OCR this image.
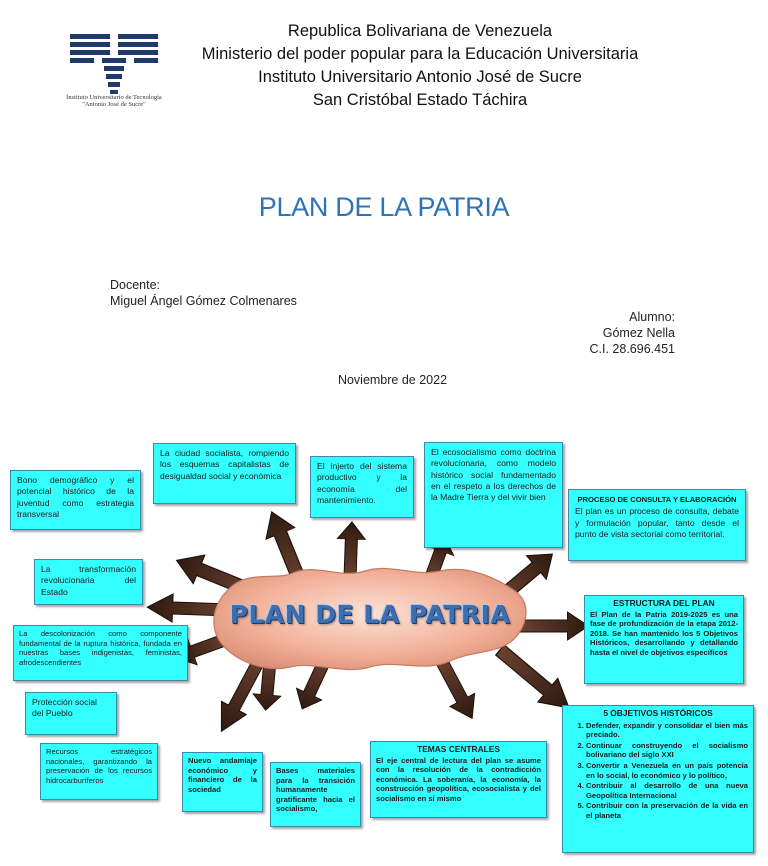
Instituto Universitario de Tecnología
"Antonio José de Sucre"
Republica Bolivariana de Venezuela
Ministerio del poder popular para la Educación Universitaria
Instituto Universitario Antonio José de Sucre
San Cristóbal Estado Táchira
PLAN DE LA PATRIA
Docente:
Miguel Ángel Gómez Colmenares
Alumno:
Gómez Nella
C.I. 28.696.451
Noviembre de 2022
PLAN DE LA PATRIA
Bono demográfico y el potencial histórico de la juventud como estrategia transversal
La ciudad socialista, rompiendo los esquemas capitalistas de desigualdad social y económica
El injerto del sistema productivo y la economía del mantenimiento.
El ecosocialismo como doctrina revolucionaria, como modelo histórico social fundamentado en el respeto a los derechos de la Madre Tierra y del vivir bien	PROCESO DE CONSULTA Y ELABORACIÓN
El plan es un proceso de consulta, debate y formulación popular, tanto desde el punto de vista sectorial como territorial.
La transformación revolucionaria del Estado
La descolonización como componente fundamental de la ruptura histórica, fundada en nuestras bases indigenistas, feministas, afrodescendientes
ESTRUCTURA DEL PLAN
El Plan de la Patria 2019-2025 es una fase de profundización de la etapa 2012-2018. Se han mantenido los 5 Objetivos Históricos, desarrollando y detallando hasta el nivel de objetivos específicos
Protección social del Pueblo
Recursos estratégicos nacionales, garantizando la preservación de los recursos hidrocarburíferos
Nuevo andamiaje económico y financiero de la sociedad
Bases materiales para la transición humanamente gratificante hacia el socialismo,
TEMAS CENTRALES
El eje central de lectura del plan se asume con la resolución de la contradicción económica. La soberanía, la economía, la construcción geopolítica, ecosocialista y del socialismo en sí mismo
5 OBJETIVOS HISTÓRICOS
1. Defender, expandir y consolidar el bien más preciado.
2. Continuar construyendo el socialismo bolivariano del siglo XXI
3. Convertir a Venezuela en un país potencia en lo social, lo económico y lo político,
4. Contribuir al desarrollo de una nueva Geopolítica Internacional
5. Contribuir con la preservación de la vida en el planeta
